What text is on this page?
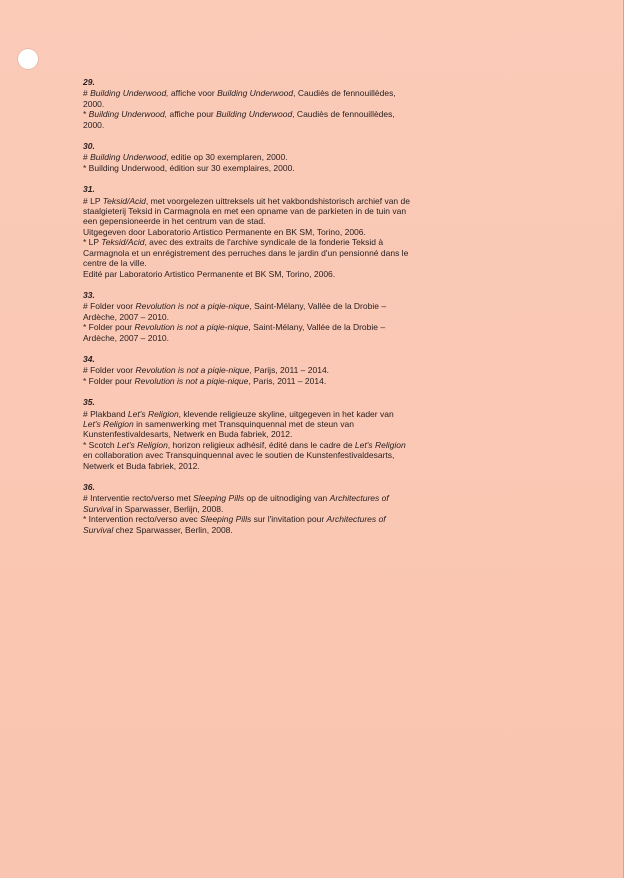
29.
# Building Underwood, affiche voor Building Underwood, Caudiès de fennouillèdes,
2000.
* Building Underwood, affiche pour Building Underwood, Caudiès de fennouillèdes,
2000.
30.
# Building Underwood, editie op 30 exemplaren, 2000.
* Building Underwood, édition sur 30 exemplaires, 2000.
31.
# LP Teksid/Acid, met voorgelezen uittreksels uit het vakbondshistorisch archief van de
staalgieterij Teksid in Carmagnola en met een opname van de parkieten in de tuin van
een gepensioneerde in het centrum van de stad.
Uitgegeven door Laboratorio Artistico Permanente en BK SM, Torino, 2006.
* LP Teksid/Acid, avec des extraits de l'archive syndicale de la fonderie Teksid à
Carmagnola et un enrégistrement des perruches dans le jardin d'un pensionné dans le
centre de la ville.
Edité par Laboratorio Artistico Permanente et BK SM, Torino, 2006.
33.
# Folder voor Revolution is not a piqie-nique, Saint-Mélany, Vallée de la Drobie –
Ardèche, 2007 – 2010.
* Folder pour Revolution is not a piqie-nique, Saint-Mélany, Vallée de la Drobie –
Ardèche, 2007 – 2010.
34.
# Folder voor Revolution is not a piqie-nique, Parijs, 2011 – 2014.
* Folder pour Revolution is not a piqie-nique, Paris, 2011 – 2014.
35.
# Plakband Let's Religion, klevende religieuze skyline, uitgegeven in het kader van
Let's Religion in samenwerking met Transquinquennal met de steun van
Kunstenfestivaldesarts, Netwerk en Buda fabriek, 2012.
* Scotch Let's Religion, horizon religieux adhésif, édité dans le cadre de Let's Religion
en collaboration avec Transquinquennal avec le soutien de Kunstenfestivaldesarts,
Netwerk et Buda fabriek, 2012.
36.
# Interventie recto/verso met Sleeping Pills op de uitnodiging van Architectures of
Survival in Sparwasser, Berlijn, 2008.
* Intervention recto/verso avec Sleeping Pills sur l'invitation pour Architectures of
Survival chez Sparwasser, Berlin, 2008.
